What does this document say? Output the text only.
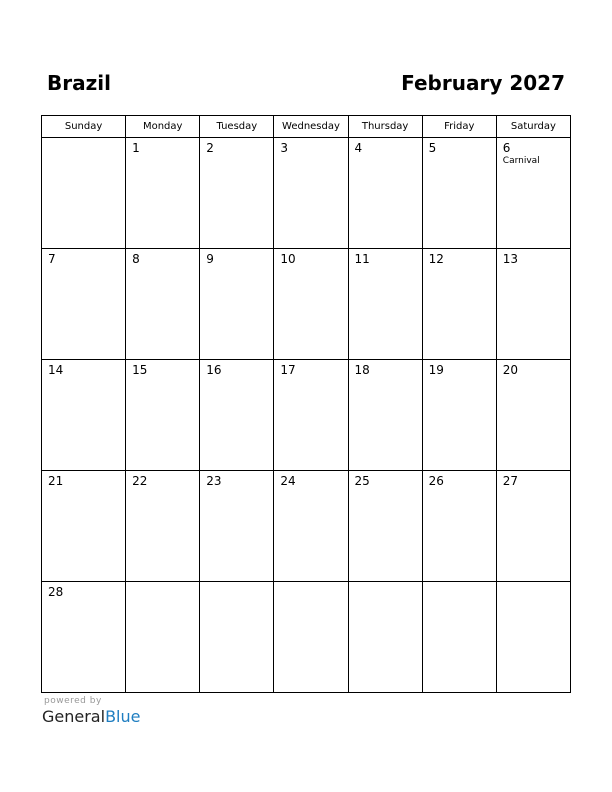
Brazil	February 2027
Sunday	Monday	Tuesday	Wednesday	Thursday	Friday	Saturday

	1	2	3	4	5	6
Carnival

7	8	9	10	11	12	13

14	15	16	17	18	19	20

21	22	23	24	25	26	27

28						

powered by
GeneralBlue
